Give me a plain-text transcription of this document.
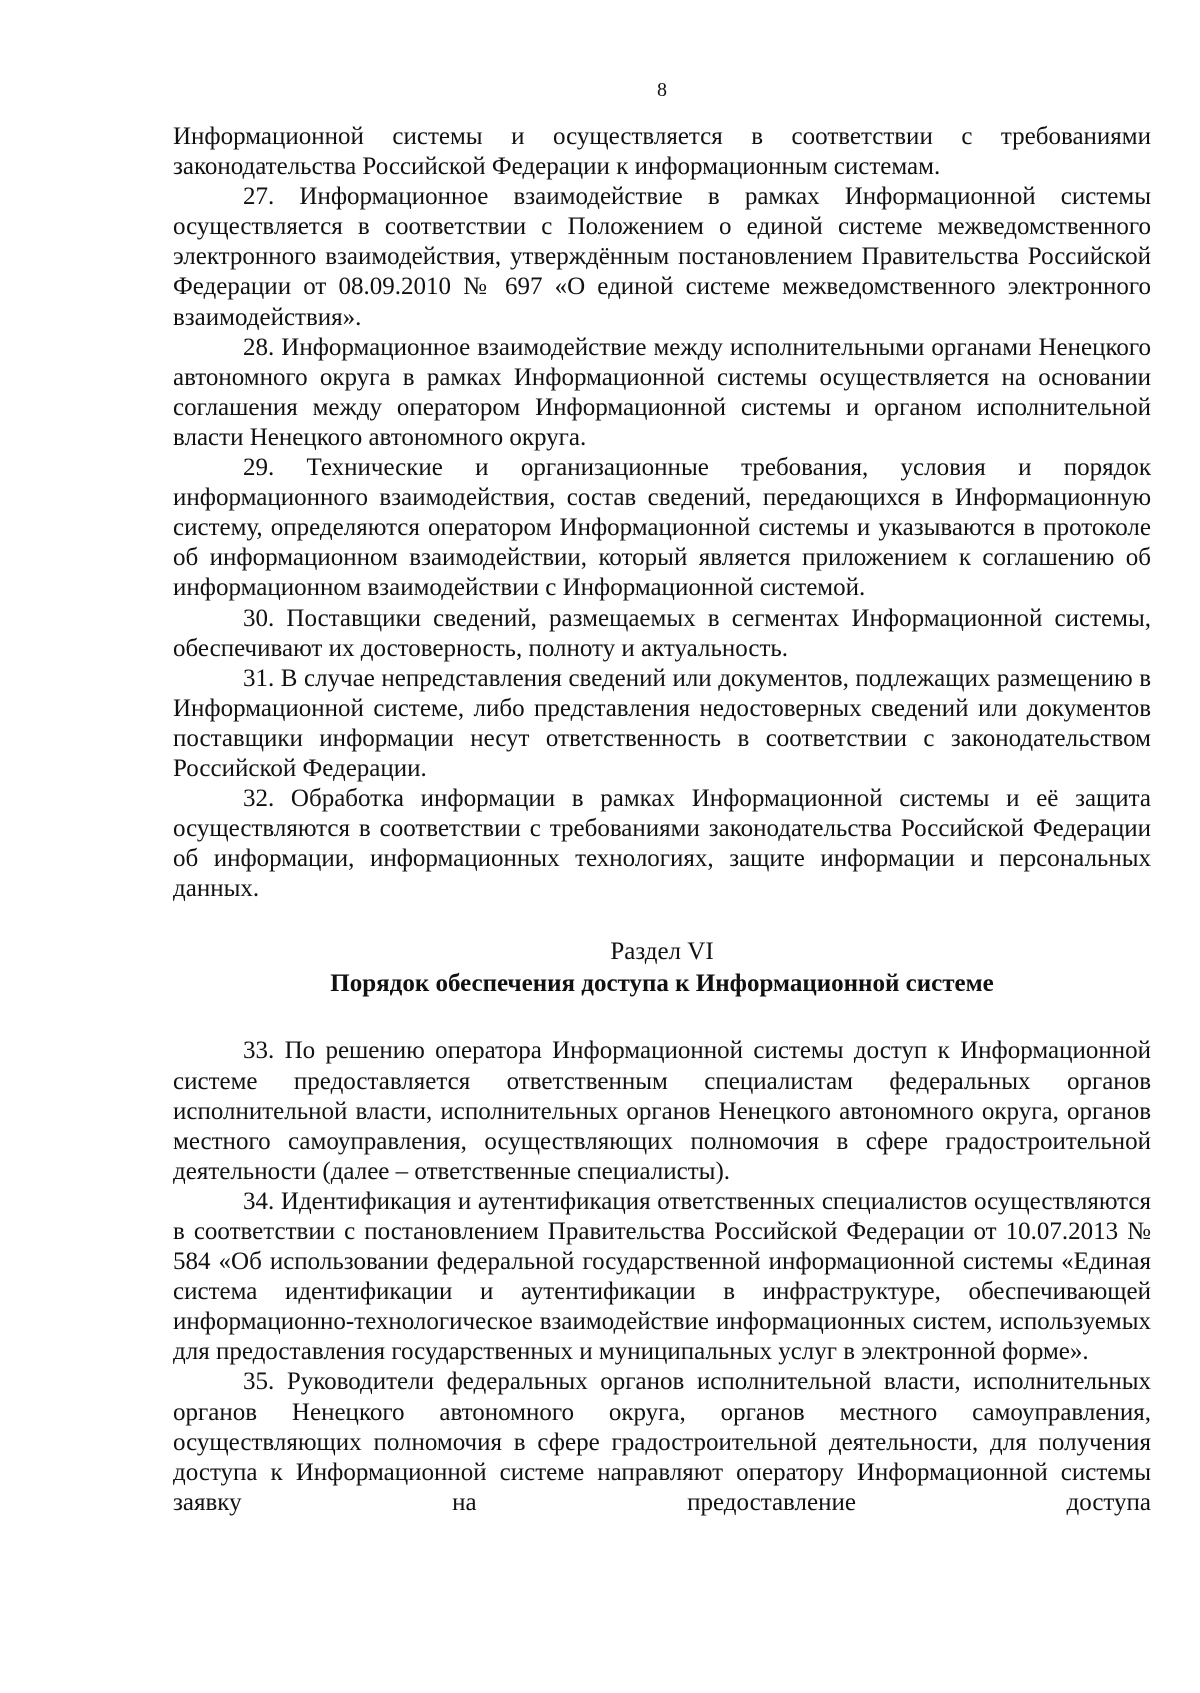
8

Информационной системы и осуществляется в соответствии с требованиями законодательства Российской Федерации к информационным системам.

27. Информационное взаимодействие в рамках Информационной системы осуществляется в соответствии с Положением о единой системе межведомственного электронного взаимодействия, утверждённым постановлением Правительства Российской Федерации от 08.09.2010 № 697 «О единой системе межведомственного электронного взаимодействия».

28. Информационное взаимодействие между исполнительными органами Ненецкого автономного округа в рамках Информационной системы осуществляется на основании соглашения между оператором Информационной системы и органом исполнительной власти Ненецкого автономного округа.

29. Технические и организационные требования, условия и порядок информационного взаимодействия, состав сведений, передающихся в Информационную систему, определяются оператором Информационной системы и указываются в протоколе об информационном взаимодействии, который является приложением к соглашению об информационном взаимодействии с Информационной системой.

30. Поставщики сведений, размещаемых в сегментах Информационной системы, обеспечивают их достоверность, полноту и актуальность.

31. В случае непредставления сведений или документов, подлежащих размещению в Информационной системе, либо представления недостоверных сведений или документов поставщики информации несут ответственность в соответствии с законодательством Российской Федерации.

32. Обработка информации в рамках Информационной системы и её защита осуществляются в соответствии с требованиями законодательства Российской Федерации об информации, информационных технологиях, защите информации и персональных данных.

Раздел VI
Порядок обеспечения доступа к Информационной системе

33. По решению оператора Информационной системы доступ к Информационной системе предоставляется ответственным специалистам федеральных органов исполнительной власти, исполнительных органов Ненецкого автономного округа, органов местного самоуправления, осуществляющих полномочия в сфере градостроительной деятельности (далее – ответственные специалисты).

34. Идентификация и аутентификация ответственных специалистов осуществляются в соответствии с постановлением Правительства Российской Федерации от 10.07.2013 № 584 «Об использовании федеральной государственной информационной системы «Единая система идентификации и аутентификации в инфраструктуре, обеспечивающей информационно-технологическое взаимодействие информационных систем, используемых для предоставления государственных и муниципальных услуг в электронной форме».

35. Руководители федеральных органов исполнительной власти, исполнительных органов Ненецкого автономного округа, органов местного самоуправления, осуществляющих полномочия в сфере градостроительной деятельности, для получения доступа к Информационной системе направляют оператору Информационной системы заявку на предоставление доступа
